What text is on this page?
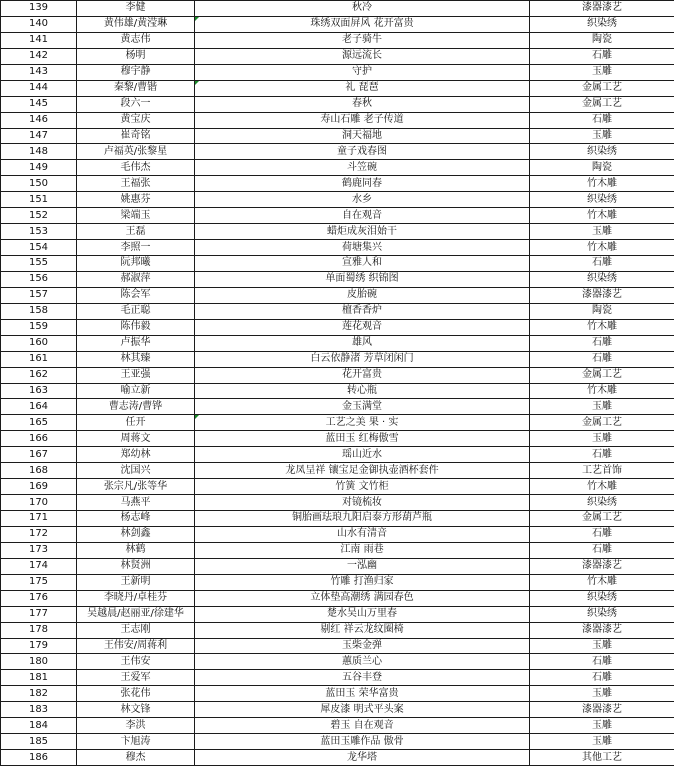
139	李健	秋冷	漆器漆艺
140	黄伟雄/黄滢琳	珠绣双面屏风 花开富贵	织染绣
141	黄志伟	老子骑牛	陶瓷
142	杨明	源远流长	石雕
143	穆宇静	守护	玉雕
144	秦黎/曹锴	礼 琵琶	金属工艺
145	段六一	春秋	金属工艺
146	黄宝庆	寿山石雕 老子传道	石雕
147	崔奇铭	洞天福地	玉雕
148	卢福英/张黎星	童子戏春图	织染绣
149	毛伟杰	斗笠碗	陶瓷
150	王福张	鹤鹿同春	竹木雕
151	姚惠芬	水乡	织染绣
152	梁端玉	自在观音	竹木雕
153	王磊	蜡炬成灰泪始干	玉雕
154	李照一	荷塘集兴	竹木雕
155	阮邦曦	宣雅人和	石雕
156	郝淑萍	单面蜀绣 织锦图	织染绣
157	陈会军	皮胎碗	漆器漆艺
158	毛正聪	檀香香炉	陶瓷
159	陈伟毅	莲花观音	竹木雕
160	卢振华	雄风	石雕
161	林其臻	白云依静渚 芳草闭闲门	石雕
162	王亚强	花开富贵	金属工艺
163	喻立新	转心瓶	竹木雕
164	曹志涛/曹铧	金玉满堂	玉雕
165	任开	工艺之美 果 · 实	金属工艺
166	周蒋文	蓝田玉 红梅傲雪	玉雕
167	郑幼林	瑶山近水	石雕
168	沈国兴	龙凤呈祥 镶宝足金御执壶酒杯套件	工艺首饰
169	张宗凡/张等华	竹簧 文竹柜	竹木雕
170	马燕平	对镜梳妆	织染绣
171	杨志峰	铜胎画珐琅九阳启泰方形葫芦瓶	金属工艺
172	林剑鑫	山水有清音	石雕
173	林鹤	江南 雨巷	石雕
174	林贤洲	一泓幽	漆器漆艺
175	王新明	竹雕 打渔归家	竹木雕
176	李晓丹/卓桂芬	立体垫高潮绣 满园春色	织染绣
177	吴越晨/赵丽亚/徐建华	楚水吴山万里春	织染绣
178	王志刚	剔红 祥云龙纹圈椅	漆器漆艺
179	王伟安/周蒋利	玉柴金弹	玉雕
180	王伟安	蕙质兰心	石雕
181	王爱军	五谷丰登	石雕
182	张花伟	蓝田玉 荣华富贵	玉雕
183	林文锋	犀皮漆 明式平头案	漆器漆艺
184	李洪	碧玉 自在观音	玉雕
185	卞旭涛	蓝田玉雕作品 傲骨	玉雕
186	穆杰	龙华塔	其他工艺
